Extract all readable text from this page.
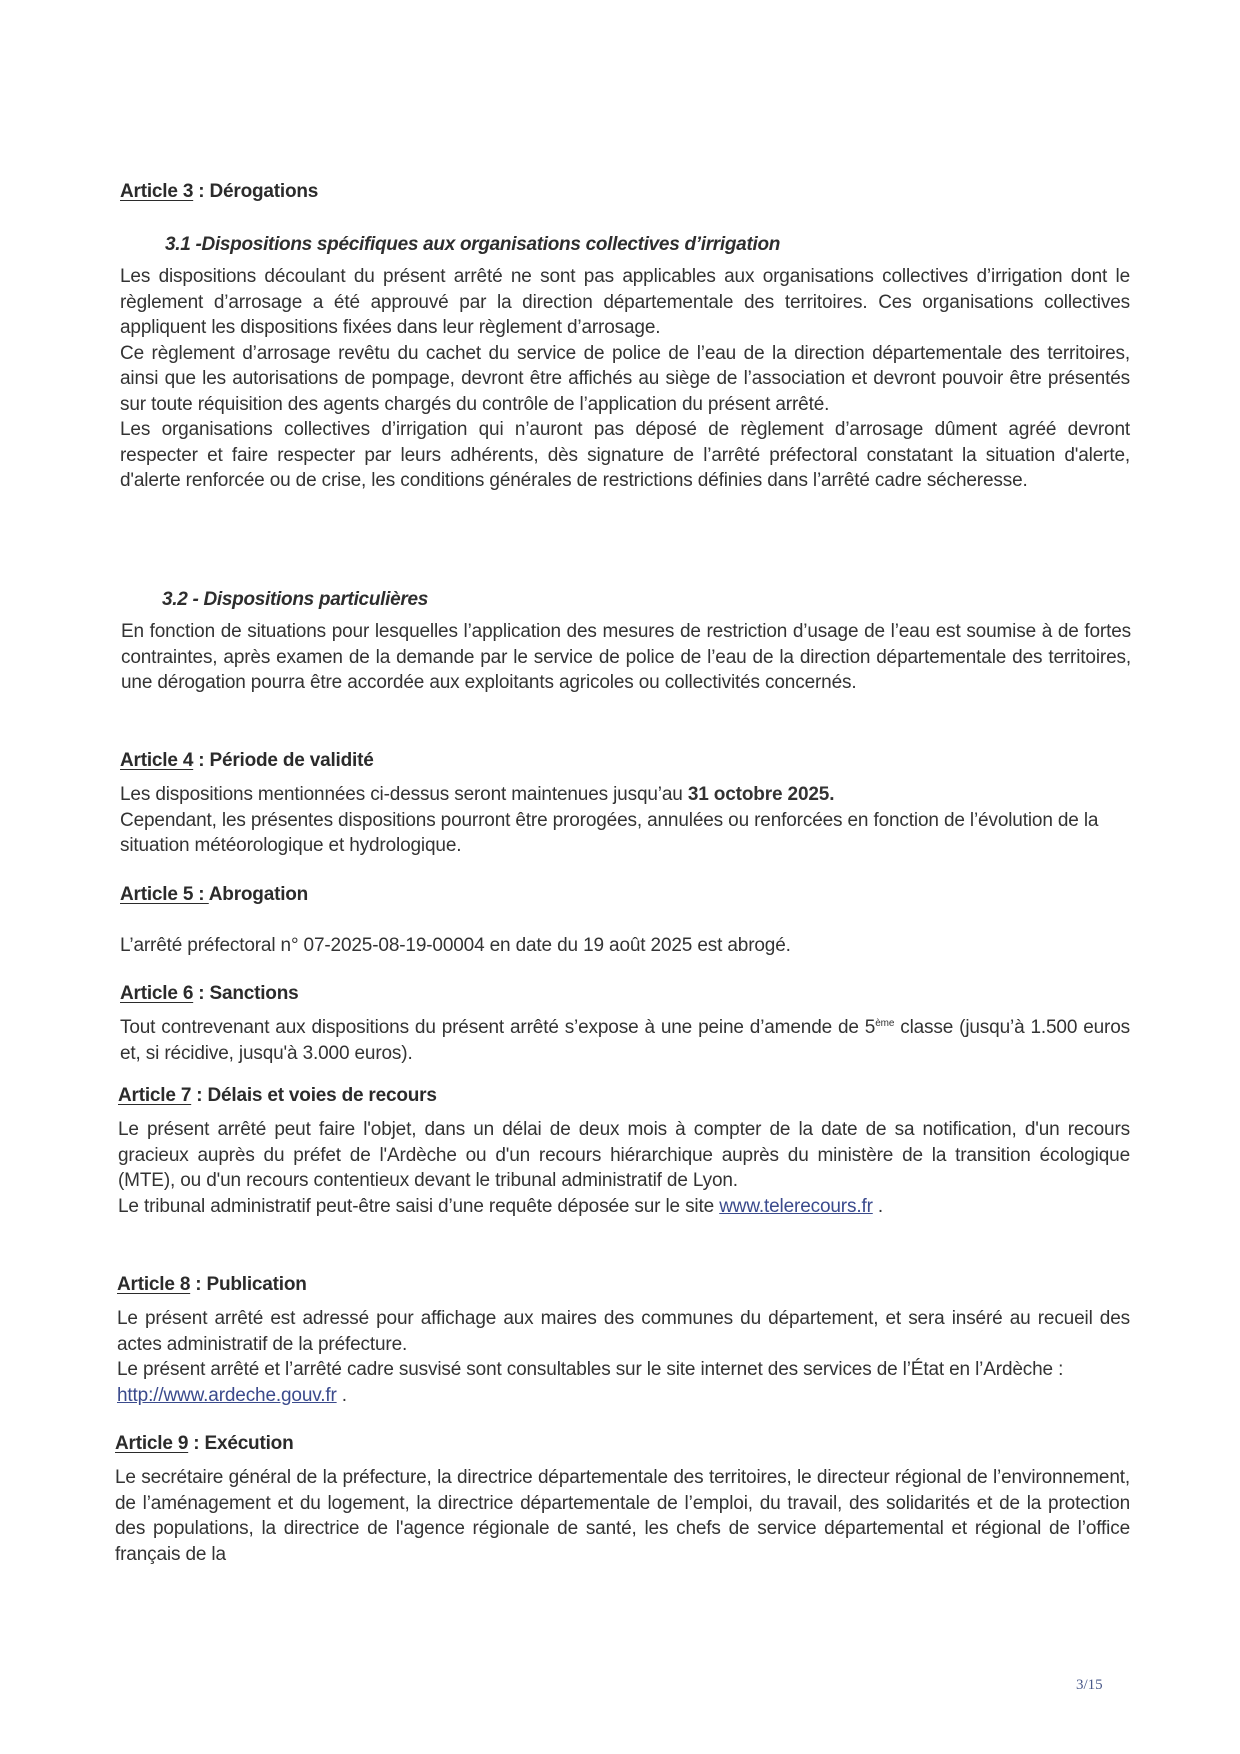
Article 3 : Dérogations
3.1 -Dispositions spécifiques aux organisations collectives d’irrigation

Les dispositions découlant du présent arrêté ne sont pas applicables aux organisations collectives d’irrigation dont le règlement d’arrosage a été approuvé par la direction départementale des territoires. Ces organisations collectives appliquent les dispositions fixées dans leur règlement d’arrosage.

Ce règlement d’arrosage revêtu du cachet du service de police de l’eau de la direction départementale des territoires, ainsi que les autorisations de pompage, devront être affichés au siège de l’association et devront pouvoir être présentés sur toute réquisition des agents chargés du contrôle de l’application du présent arrêté.

Les organisations collectives d’irrigation qui n’auront pas déposé de règlement d’arrosage dûment agréé devront respecter et faire respecter par leurs adhérents, dès signature de l’arrêté préfectoral constatant la situation d'alerte, d'alerte renforcée ou de crise, les conditions générales de restrictions définies dans l’arrêté cadre sécheresse.

3.2 - Dispositions particulières

En fonction de situations pour lesquelles l’application des mesures de restriction d’usage de l’eau est soumise à de fortes contraintes, après examen de la demande par le service de police de l’eau de la direction départementale des territoires, une dérogation pourra être accordée aux exploitants agricoles ou collectivités concernés.

Article 4 : Période de validité

Les dispositions mentionnées ci-dessus seront maintenues jusqu’au 31 octobre 2025.

Cependant, les présentes dispositions pourront être prorogées, annulées ou renforcées en fonction de l’évolution de la situation météorologique et hydrologique.

Article 5 : Abrogation

L’arrêté préfectoral n° 07-2025-08-19-00004 en date du 19 août 2025 est abrogé.

Article 6 : Sanctions

Tout contrevenant aux dispositions du présent arrêté s’expose à une peine d’amende de 5ème classe (jusqu’à 1.500 euros et, si récidive, jusqu'à 3.000 euros).

Article 7 : Délais et voies de recours

Le présent arrêté peut faire l'objet, dans un délai de deux mois à compter de la date de sa notification, d'un recours gracieux auprès du préfet de l'Ardèche ou d'un recours hiérarchique auprès du ministère de la transition écologique (MTE), ou d'un recours contentieux devant le tribunal administratif de Lyon.

Le tribunal administratif peut-être saisi d’une requête déposée sur le site www.telerecours.fr .

Article 8 : Publication

Le présent arrêté est adressé pour affichage aux maires des communes du département, et sera inséré au recueil des actes administratif de la préfecture.

Le présent arrêté et l’arrêté cadre susvisé sont consultables sur le site internet des services de l’État en l’Ardèche : http://www.ardeche.gouv.fr .

Article 9 : Exécution

Le secrétaire général de la préfecture, la directrice départementale des territoires, le directeur régional de l’environnement, de l’aménagement et du logement, la directrice départementale de l’emploi, du travail, des solidarités et de la protection des populations, la directrice de l'agence régionale de santé, les chefs de service départemental et régional de l’office français de la

3/15
